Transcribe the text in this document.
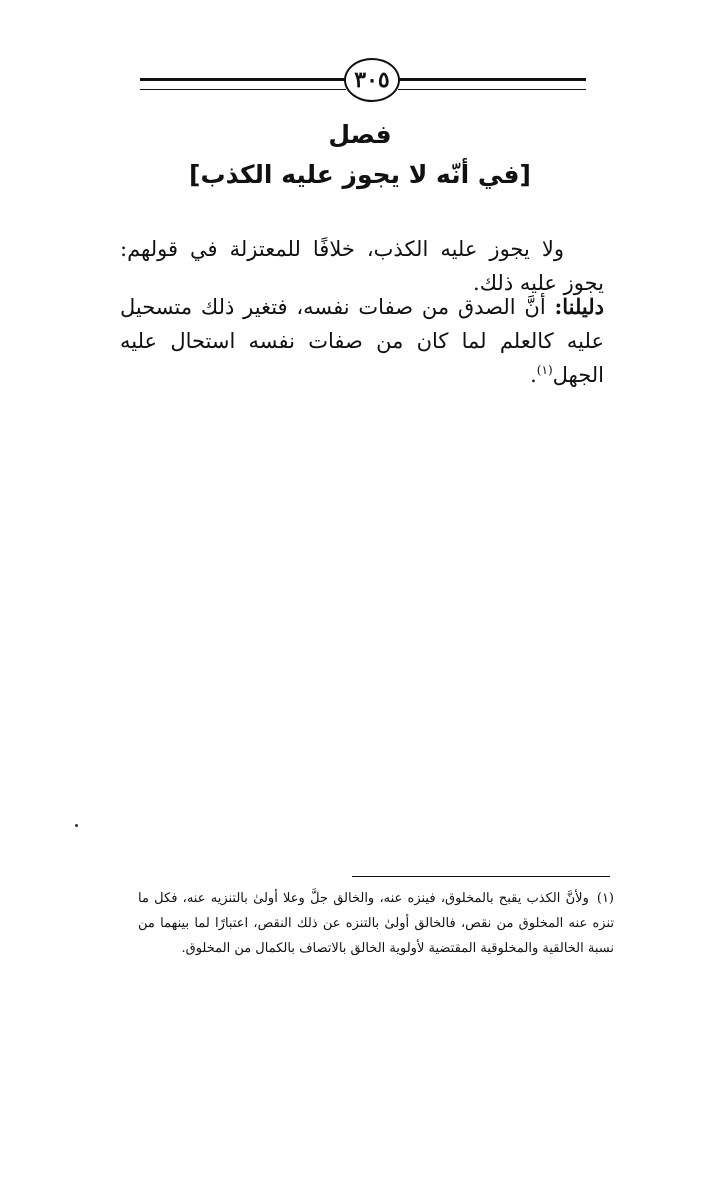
٣٠٥
فصل
[في أنّه لا يجوز عليه الكذب]

ولا يجوز عليه الكذب، خلافًا للمعتزلة في قولهم: يجوز عليه ذلك.

دليلنا: أنَّ الصدق من صفات نفسه، فتغير ذلك متسحيل عليه كالعلم لما كان من صفات نفسه استحال عليه الجهل$^{(١)}$.

(١)ولأنَّ الكذب يقبح بالمخلوق، فينزه عنه، والخالق جلَّ وعلا أولىٰ بالتنزيه عنه، فكل ما تنزه عنه المخلوق من نقص، فالخالق أولىٰ بالتنزه عن ذلك النقص، اعتبارًا لما بينهما من نسبة الخالقية والمخلوقية المقتضية لأولوية الخالق بالاتصاف بالكمال من المخلوق.
